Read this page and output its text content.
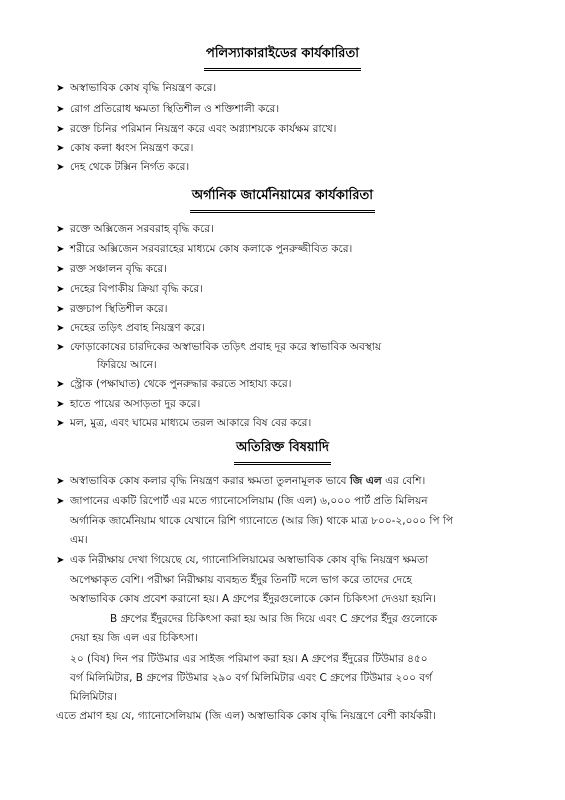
পলিস্যাকারাইডের কার্যকারিতা
➤ অস্বাভাবিক কোষ বৃদ্ধি নিয়ন্ত্রণ করে।
➤ রোগ প্রতিরোধ ক্ষমতা স্থিতিশীল ও শক্তিশালী করে।
➤ রক্তে চিনির পরিমান নিয়ন্ত্রণ করে এবং অগ্ন্যাশয়কে কার্যক্ষম রাখে।
➤ কোষ কলা ধ্বংস নিয়ন্ত্রণ করে।
➤ দেহ থেকে টক্সিন নির্গত করে।
অর্গানিক জার্মেনিয়ামের কার্যকারিতা
➤ রক্তে অক্সিজেন সরবরাহ বৃদ্ধি করে।
➤ শরীরে অক্সিজেন সরবরাহের মাধ্যমে কোষ কলাকে পুনরুজ্জীবিত করে।
➤ রক্ত সঞ্চালন বৃদ্ধি করে।
➤ দেহের বিপাকীয় ক্রিয়া বৃদ্ধি করে।
➤ রক্তচাপ স্থিতিশীল করে।
➤ দেহের তড়িৎ প্রবাহ নিয়ন্ত্রণ করে।
➤ ফোড়াকোষের চারদিকের অস্বাভাবিক তড়িৎ প্রবাহ দূর করে স্বাভাবিক অবস্থায়
ফিরিয়ে আনে।
➤ স্ট্রোক (পক্ষাঘাত) থেকে পুনরুদ্ধার করতে সাহায্য করে।
➤ হাতে পায়ের অসাড়তা দুর করে।
➤ মল, মুত্র, এবং ঘামের মাধ্যমে তরল আকারে বিষ বের করে।
অতিরিক্ত বিষয়াদি
➤ অস্বাভাবিক কোষ কলার বৃদ্ধি নিয়ন্ত্রণ করার ক্ষমতা তুলনামূলক ভাবে জি এল এর বেশি।
➤ জাপানের একটি রিপোর্ট এর মতে গ্যানোসেলিয়াম (জি এল) ৬,০০০ পার্ট প্রতি মিলিয়ন
অর্গানিক জার্মেনিয়াম থাকে যেখানে রিশি গ্যানোতে (আর জি) থাকে মাত্র ৮০০-২,০০০ পি পি
এম।
➤ এক নিরীক্ষায় দেখা গিয়েছে যে, গ্যানোসিলিয়ামের অস্বাভাবিক কোষ বৃদ্ধি নিয়ন্ত্রণ ক্ষমতা
অপেক্ষাকৃত বেশি। পরীক্ষা নিরীক্ষায় ব্যবহৃত ইঁদুর তিনটি দলে ভাগ করে তাদের দেহে
অস্বাভাবিক কোষ প্রবেশ করানো হয়। A গ্রুপের ইঁদুরগুলোকে কোন চিকিৎসা দেওয়া হয়নি।
B গ্রুপের ইঁদুরদের চিকিৎসা করা হয় আর জি দিয়ে এবং C গ্রুপের ইঁদুর গুলোকে
দেয়া হয় জি এল এর চিকিৎসা।
২০ (বিষ) দিন পর টিউমার এর সাইজ পরিমাপ করা হয়। A গ্রুপের ইঁদুরের টিউমার ৪৫০
বর্গ মিলিমিটার, B গ্রুপের টিউমার ২৯০ বর্গ মিলিমিটার এবং C গ্রুপের টিউমার ২০০ বর্গ
মিলিমিটার।
এতে প্রমাণ হয় যে, গ্যানোসেলিয়াম (জি এল) অস্বাভাবিক কোষ বৃদ্ধি নিয়ন্ত্রণে বেশী কার্যকরী।
